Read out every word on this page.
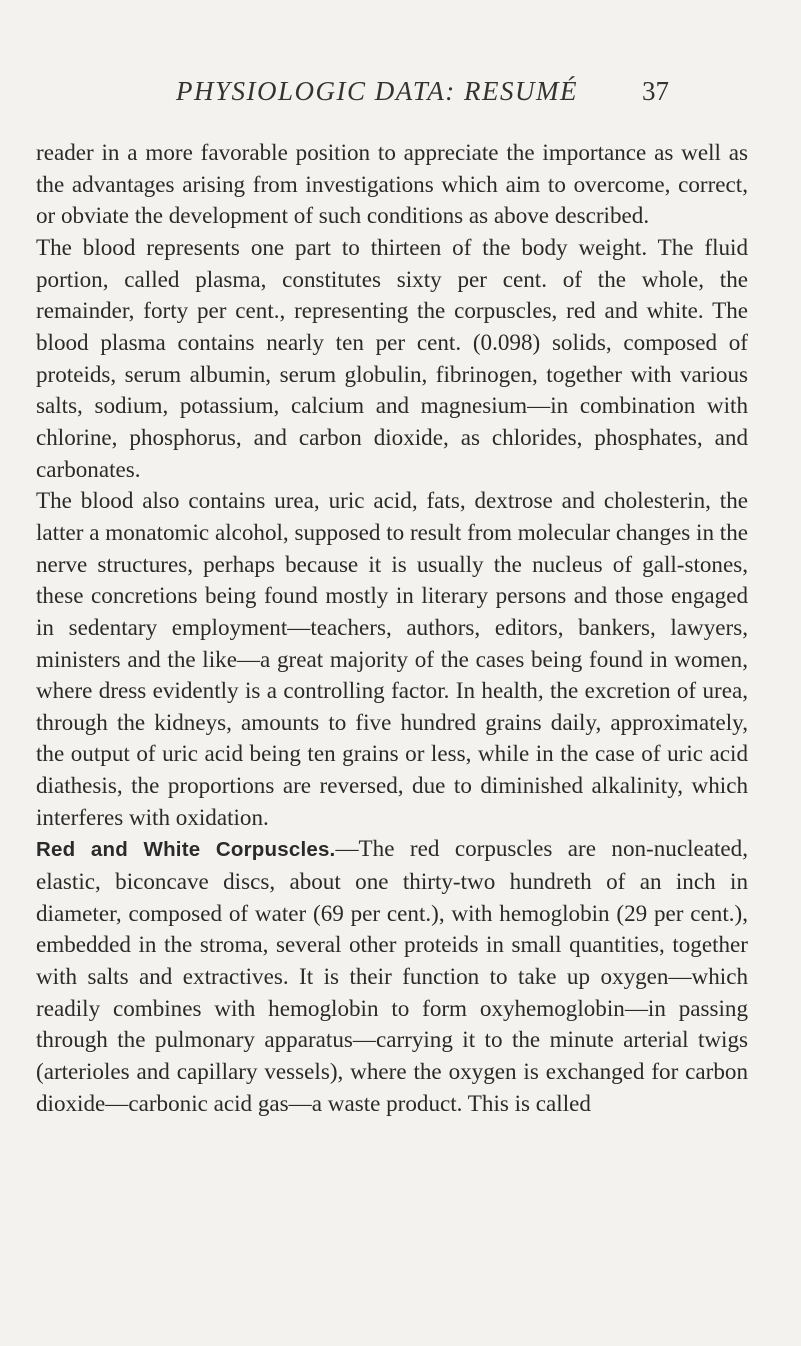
PHYSIOLOGIC DATA: RESUMÉ 37

reader in a more favorable position to appreciate the importance as well as the advantages arising from investigations which aim to overcome, correct, or obviate the development of such conditions as above described.

The blood represents one part to thirteen of the body weight. The fluid portion, called plasma, constitutes sixty per cent. of the whole, the remainder, forty per cent., representing the corpuscles, red and white. The blood plasma contains nearly ten per cent. (0.098) solids, composed of proteids, serum albumin, serum globulin, fibrinogen, together with various salts, sodium, potassium, calcium and magnesium—in combination with chlorine, phosphorus, and carbon dioxide, as chlorides, phosphates, and carbonates.

The blood also contains urea, uric acid, fats, dextrose and cholesterin, the latter a monatomic alcohol, supposed to result from molecular changes in the nerve structures, perhaps because it is usually the nucleus of gall-stones, these concretions being found mostly in literary persons and those engaged in sedentary employment—teachers, authors, editors, bankers, lawyers, ministers and the like—a great majority of the cases being found in women, where dress evidently is a controlling factor. In health, the excretion of urea, through the kidneys, amounts to five hundred grains daily, approximately, the output of uric acid being ten grains or less, while in the case of uric acid diathesis, the proportions are reversed, due to diminished alkalinity, which interferes with oxidation.

Red and White Corpuscles.—The red corpuscles are non-nucleated, elastic, biconcave discs, about one thirty-two hundreth of an inch in diameter, composed of water (69 per cent.), with hemoglobin (29 per cent.), embedded in the stroma, several other proteids in small quantities, together with salts and extractives. It is their function to take up oxygen—which readily combines with hemoglobin to form oxyhemoglobin—in passing through the pulmonary apparatus—carrying it to the minute arterial twigs (arterioles and capillary vessels), where the oxygen is exchanged for carbon dioxide—carbonic acid gas—a waste product. This is called
